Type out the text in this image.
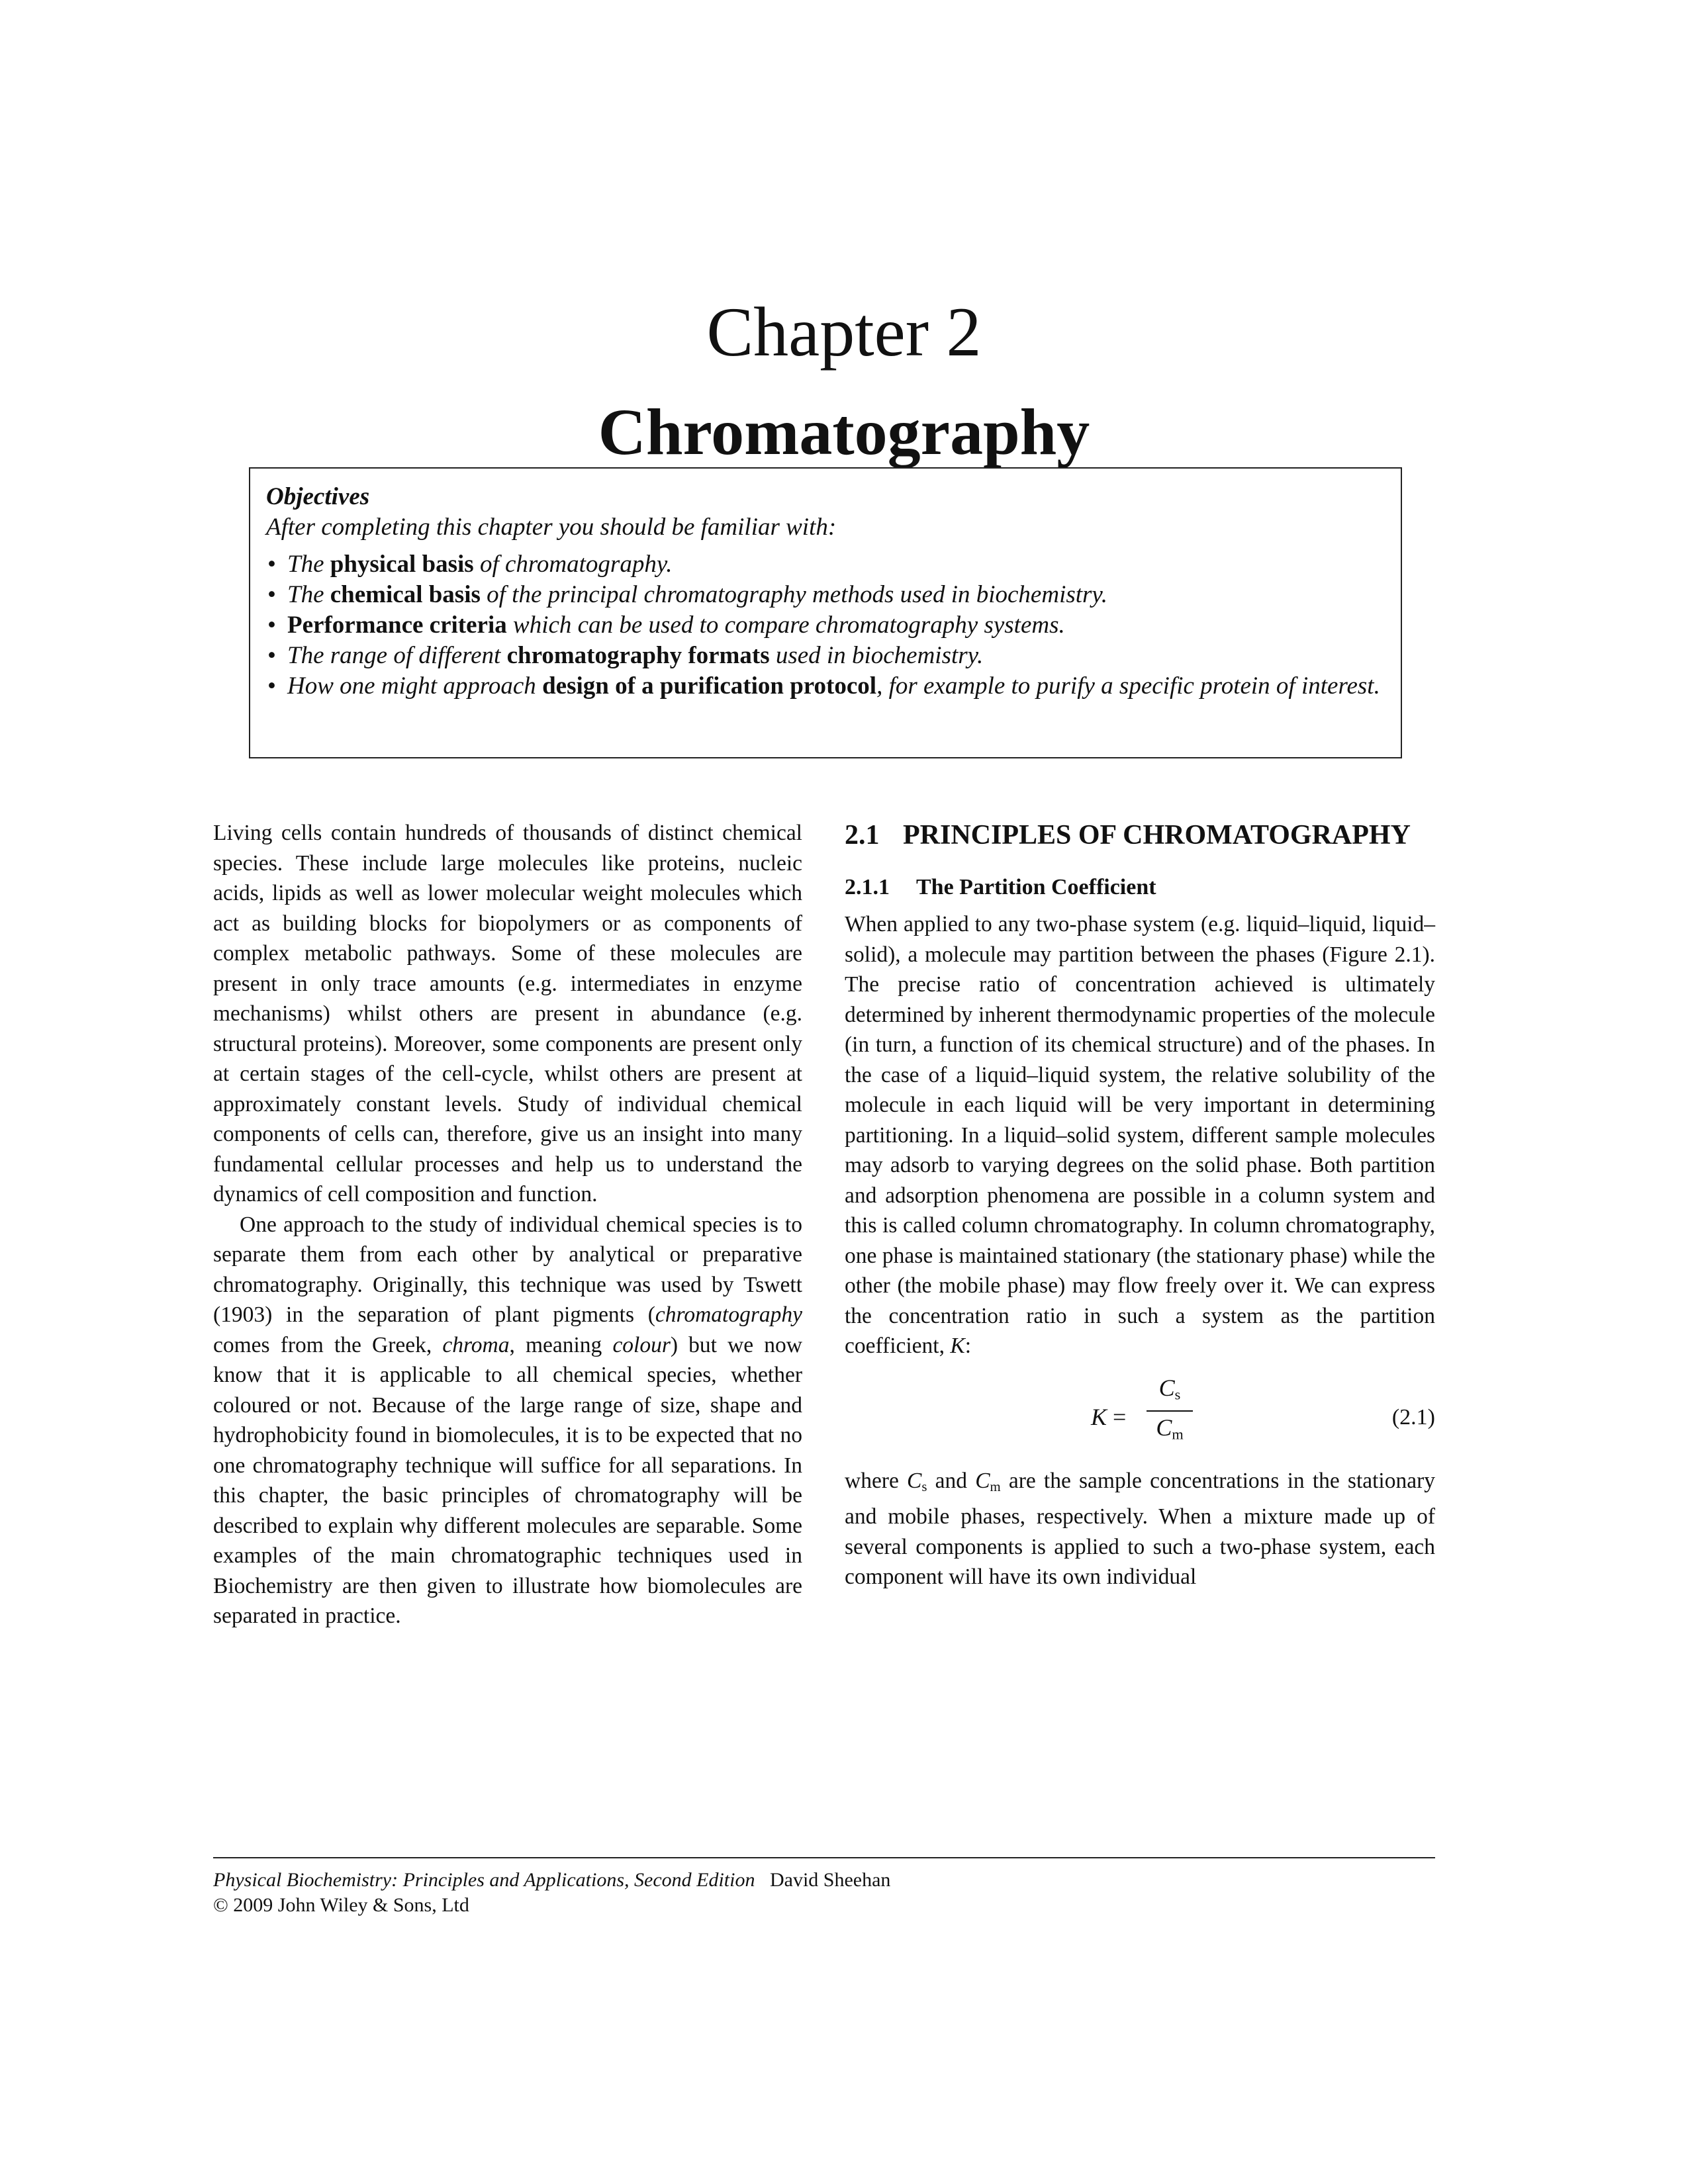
Chapter 2
Chromatography
Objectives
After completing this chapter you should be familiar with:
• The physical basis of chromatography.
• The chemical basis of the principal chromatography methods used in biochemistry.
• Performance criteria which can be used to compare chromatography systems.
• The range of different chromatography formats used in biochemistry.
• How one might approach design of a purification protocol, for example to purify a specific protein of interest.

Living cells contain hundreds of thousands of distinct chemical species. These include large molecules like proteins, nucleic acids, lipids as well as lower molecular weight molecules which act as building blocks for biopolymers or as components of complex metabolic pathways. Some of these molecules are present in only trace amounts (e.g. intermediates in enzyme mechanisms) whilst others are present in abundance (e.g. structural proteins). Moreover, some components are present only at certain stages of the cell-cycle, whilst others are present at approximately constant levels. Study of individual chemical components of cells can, therefore, give us an insight into many fundamental cellular processes and help us to understand the dynamics of cell composition and function.

One approach to the study of individual chemical species is to separate them from each other by analytical or preparative chromatography. Originally, this technique was used by Tswett (1903) in the separation of plant pigments (chromatography comes from the Greek, chroma, meaning colour) but we now know that it is applicable to all chemical species, whether coloured or not. Because of the large range of size, shape and hydrophobicity found in biomolecules, it is to be expected that no one chromatography technique will suffice for all separations. In this chapter, the basic principles of chromatography will be described to explain why different molecules are separable. Some examples of the main chromatographic techniques used in Biochemistry are then given to illustrate how biomolecules are separated in practice.

2.1 PRINCIPLES OF CHROMATOGRAPHY
2.1.1 The Partition Coefficient

When applied to any two-phase system (e.g. liquid–liquid, liquid–solid), a molecule may partition between the phases (Figure 2.1). The precise ratio of concentration achieved is ultimately determined by inherent thermodynamic properties of the molecule (in turn, a function of its chemical structure) and of the phases. In the case of a liquid–liquid system, the relative solubility of the molecule in each liquid will be very important in determining partitioning. In a liquid–solid system, different sample molecules may adsorb to varying degrees on the solid phase. Both partition and adsorption phenomena are possible in a column system and this is called column chromatography. In column chromatography, one phase is maintained stationary (the stationary phase) while the other (the mobile phase) may flow freely over it. We can express the concentration ratio in such a system as the partition coefficient, K:

K =
$C_s$
$C_m$
(2.1)

where $C_s$ and $C_m$ are the sample concentrations in the stationary and mobile phases, respectively. When a mixture made up of several components is applied to such a two-phase system, each component will have its own individual

Physical Biochemistry: Principles and Applications, Second Edition David Sheehan
© 2009 John Wiley & Sons, Ltd
